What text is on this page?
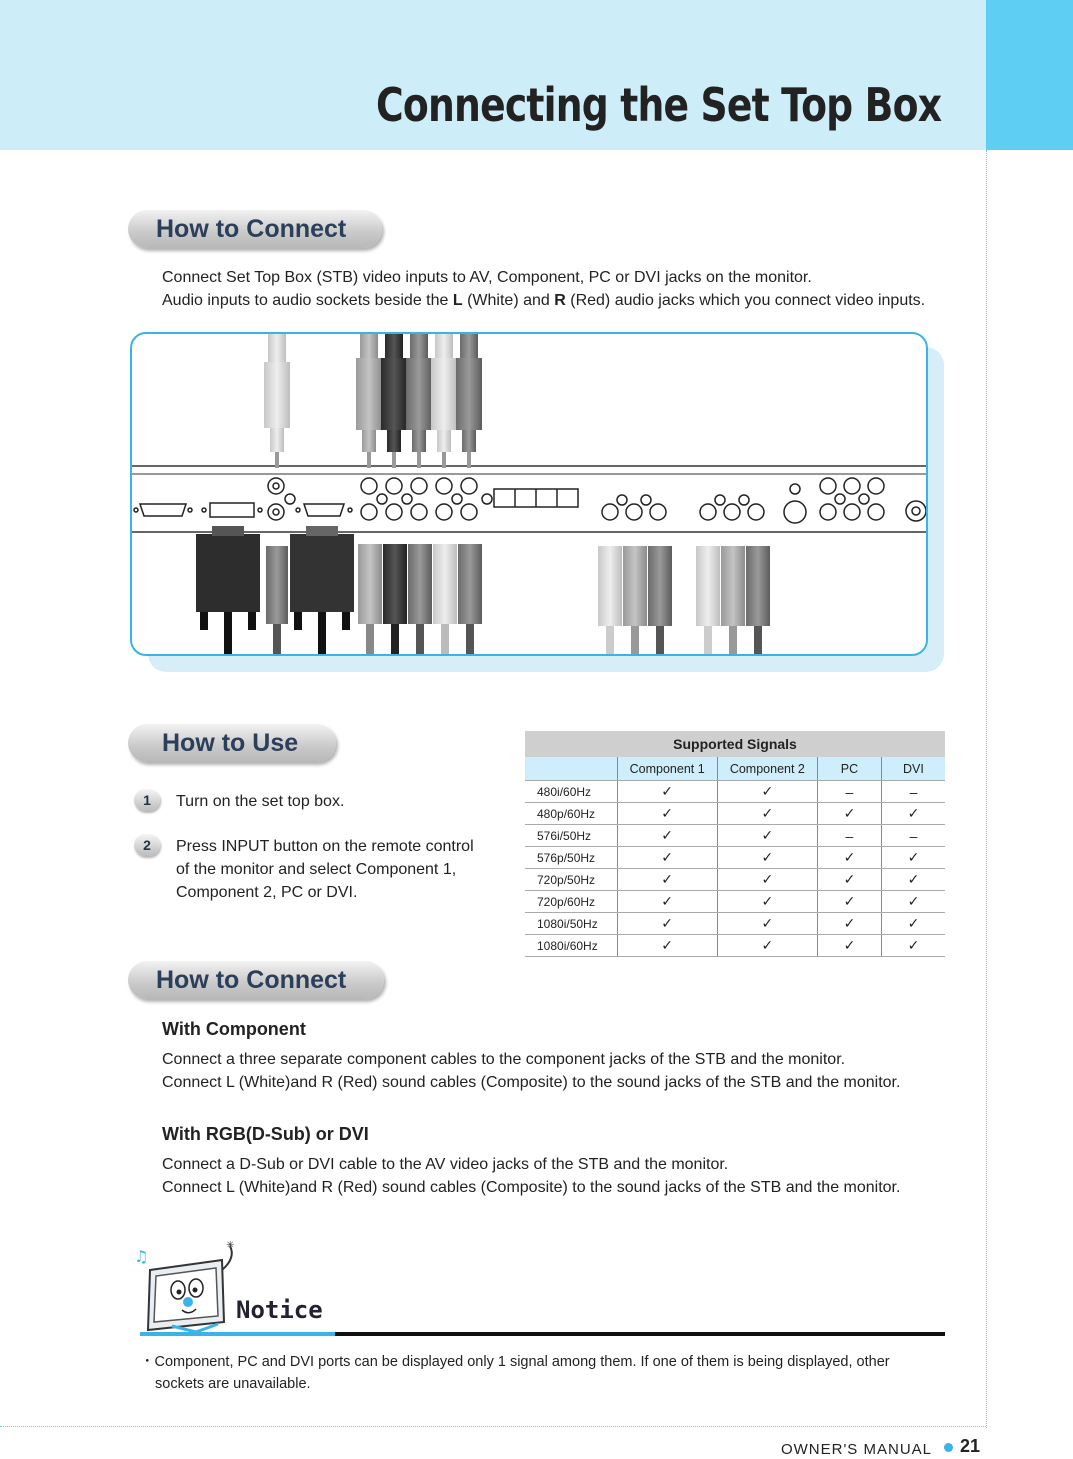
Connecting the Set Top Box
How to Connect
Connect Set Top Box (STB) video inputs to AV, Component, PC or DVI jacks on the monitor.
Audio inputs to audio sockets beside the L (White) and R (Red) audio jacks which you connect video inputs.
How to Use
1	Turn on the set top box.
2	Press INPUT button on the remote control
of the monitor and select Component 1,
Component 2, PC or DVI.
Supported Signals				
	Component 1	Component 2	PC	DVI
480i/60Hz	✓	✓	–	–
480p/60Hz	✓	✓	✓	✓
576i/50Hz	✓	✓	–	–
576p/50Hz	✓	✓	✓	✓
720p/50Hz	✓	✓	✓	✓
720p/60Hz	✓	✓	✓	✓
1080i/50Hz	✓	✓	✓	✓
1080i/60Hz	✓	✓	✓	✓
How to Connect
With Component
Connect a three separate component cables to the component jacks of the STB and the monitor.
Connect L (White)and R (Red) sound cables (Composite) to the sound jacks of the STB and the monitor.
With RGB(D-Sub) or DVI
Connect a D-Sub or DVI cable to the AV video jacks of the STB and the monitor.
Connect L (White)and R (Red) sound cables (Composite) to the sound jacks of the STB and the monitor.
♫
✳
Notice
・Component, PC and DVI ports can be displayed only 1 signal among them. If one of them is being displayed, other
sockets are unavailable.
OWNER'S MANUAL 21
